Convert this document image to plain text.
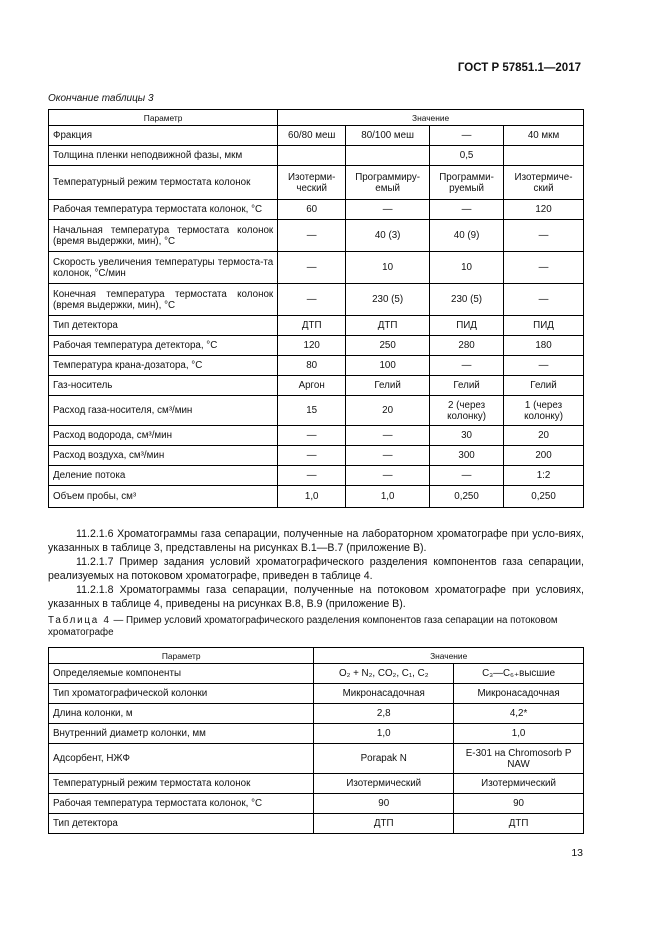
ГОСТ Р 57851.1—2017
Окончание таблицы 3
Параметр	Значение			
Фракция	60/80 меш	80/100 меш	—	40 мкм
Толщина пленки неподвижной фазы, мкм			0,5	
Температурный режим термостата колонок	Изотерми-ческий	Программиру-емый	Программи-руемый	Изотермиче-ский
Рабочая температура термостата колонок, °С	60	—	—	120
Начальная температура термостата колонок (время выдержки, мин), °С	—	40 (3)	40 (9)	—
Скорость увеличения температуры термоста-та колонок, °С/мин	—	10	10	—
Конечная температура термостата колонок (время выдержки, мин), °С	—	230 (5)	230 (5)	—
Тип детектора	ДТП	ДТП	ПИД	ПИД
Рабочая температура детектора, °С	120	250	280	180
Температура крана-дозатора, °С	80	100	—	—
Газ-носитель	Аргон	Гелий	Гелий	Гелий
Расход газа-носителя, см³/мин	15	20	2 (через колонку)	1 (через колонку)
Расход водорода, см³/мин	—	—	30	20
Расход воздуха, см³/мин	—	—	300	200
Деление потока	—	—	—	1:2
Объем пробы, см³	1,0	1,0	0,250	0,250
11.2.1.6 Хроматограммы газа сепарации, полученные на лабораторном хроматографе при усло-виях, указанных в таблице 3, представлены на рисунках В.1—В.7 (приложение В).
11.2.1.7 Пример задания условий хроматографического разделения компонентов газа сепарации, реализуемых на потоковом хроматографе, приведен в таблице 4.
11.2.1.8 Хроматограммы газа сепарации, полученные на потоковом хроматографе при условиях, указанных в таблице 4, приведены на рисунках В.8, В.9 (приложение В).
Таблица 4 — Пример условий хроматографического разделения компонентов газа сепарации на потоковом хроматографе
Параметр	Значение	
Определяемые компоненты	O₂ + N₂, CO₂, C₁, C₂	C₃—C₆₊высшие
Тип хроматографической колонки	Микронасадочная	Микронасадочная
Длина колонки, м	2,8	4,2*
Внутренний диаметр колонки, мм	1,0	1,0
Адсорбент, НЖФ	Porapak N	E-301 на Chromosorb P NAW
Температурный режим термостата колонок	Изотермический	Изотермический
Рабочая температура термостата колонок, °С	90	90
Тип детектора	ДТП	ДТП
13
